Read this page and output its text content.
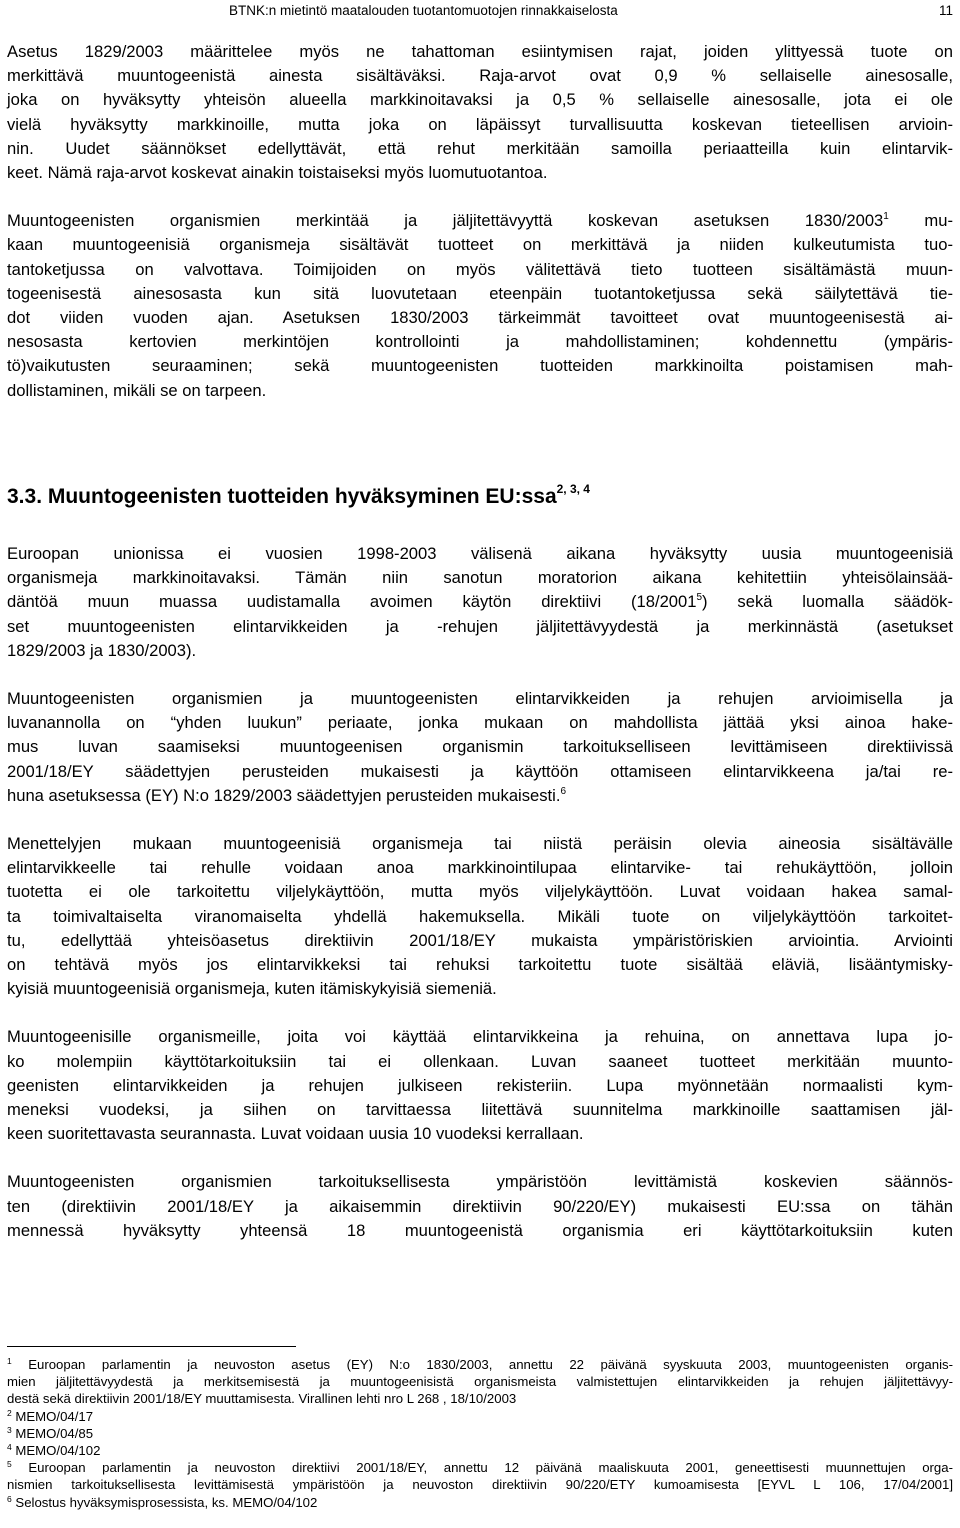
BTNK:n mietintö maatalouden tuotantomuotojen rinnakkaiselosta	11
Asetus 1829/2003 määrittelee myös ne tahattoman esiintymisen rajat, joiden ylittyessä tuote on
merkittävä muuntogeenistä ainesta sisältäväksi. Raja-arvot ovat 0,9 % sellaiselle ainesosalle,
joka on hyväksytty yhteisön alueella markkinoitavaksi ja 0,5 % sellaiselle ainesosalle, jota ei ole
vielä hyväksytty markkinoille, mutta joka on läpäissyt turvallisuutta koskevan tieteellisen arvioin-
nin. Uudet säännökset edellyttävät, että rehut merkitään samoilla periaatteilla kuin elintarvik-
keet. Nämä raja-arvot koskevat ainakin toistaiseksi myös luomutuotantoa.
Muuntogeenisten organismien merkintää ja jäljitettävyyttä koskevan asetuksen 1830/2003$^1$ mu-
kaan muuntogeenisiä organismeja sisältävät tuotteet on merkittävä ja niiden kulkeutumista tuo-
tantoketjussa on valvottava. Toimijoiden on myös välitettävä tieto tuotteen sisältämästä muun-
togeenisestä ainesosasta kun sitä luovutetaan eteenpäin tuotantoketjussa sekä säilytettävä tie-
dot viiden vuoden ajan. Asetuksen 1830/2003 tärkeimmät tavoitteet ovat muuntogeenisestä ai-
nesosasta kertovien merkintöjen kontrollointi ja mahdollistaminen; kohdennettu (ympäris-
tö)vaikutusten seuraaminen; sekä muuntogeenisten tuotteiden markkinoilta poistamisen mah-
dollistaminen, mikäli se on tarpeen.
3.3. Muuntogeenisten tuotteiden hyväksyminen EU:ssa$^{2, 3, 4}$
Euroopan unionissa ei vuosien 1998-2003 välisenä aikana hyväksytty uusia muuntogeenisiä
organismeja markkinoitavaksi. Tämän niin sanotun moratorion aikana kehitettiin yhteisölainsää-
däntöä muun muassa uudistamalla avoimen käytön direktiivi (18/2001$^5$) sekä luomalla säädök-
set muuntogeenisten elintarvikkeiden ja -rehujen jäljitettävyydestä ja merkinnästä (asetukset
1829/2003 ja 1830/2003).
Muuntogeenisten organismien ja muuntogeenisten elintarvikkeiden ja rehujen arvioimisella ja
luvanannolla on “yhden luukun” periaate, jonka mukaan on mahdollista jättää yksi ainoa hake-
mus luvan saamiseksi muuntogeenisen organismin tarkoitukselliseen levittämiseen direktiivissä
2001/18/EY säädettyjen perusteiden mukaisesti ja käyttöön ottamiseen elintarvikkeena ja/tai re-
huna asetuksessa (EY) N:o 1829/2003 säädettyjen perusteiden mukaisesti.$^6$
Menettelyjen mukaan muuntogeenisiä organismeja tai niistä peräisin olevia aineosia sisältävälle
elintarvikkeelle tai rehulle voidaan anoa markkinointilupaa elintarvike- tai rehukäyttöön, jolloin
tuotetta ei ole tarkoitettu viljelykäyttöön, mutta myös viljelykäyttöön. Luvat voidaan hakea samal-
ta toimivaltaiselta viranomaiselta yhdellä hakemuksella. Mikäli tuote on viljelykäyttöön tarkoitet-
tu, edellyttää yhteisöasetus direktiivin 2001/18/EY mukaista ympäristöriskien arviointia. Arviointi
on tehtävä myös jos elintarvikkeksi tai rehuksi tarkoitettu tuote sisältää eläviä, lisääntymisky-
kyisiä muuntogeenisiä organismeja, kuten itämiskykyisiä siemeniä.
Muuntogeenisille organismeille, joita voi käyttää elintarvikkeina ja rehuina, on annettava lupa jo-
ko molempiin käyttötarkoituksiin tai ei ollenkaan. Luvan saaneet tuotteet merkitään muunto-
geenisten elintarvikkeiden ja rehujen julkiseen rekisteriin. Lupa myönnetään normaalisti kym-
meneksi vuodeksi, ja siihen on tarvittaessa liitettävä suunnitelma markkinoille saattamisen jäl-
keen suoritettavasta seurannasta. Luvat voidaan uusia 10 vuodeksi kerrallaan.
Muuntogeenisten organismien tarkoituksellisesta ympäristöön levittämistä koskevien säännös-
ten (direktiivin 2001/18/EY ja aikaisemmin direktiivin 90/220/EY) mukaisesti EU:ssa on tähän
mennessä hyväksytty yhteensä 18 muuntogeenistä organismia eri käyttötarkoituksiin kuten
$^1$ Euroopan parlamentin ja neuvoston asetus (EY) N:o 1830/2003, annettu 22 päivänä syyskuuta 2003, muuntogeenisten organis-
mien jäljitettävyydestä ja merkitsemisestä ja muuntogeenisistä organismeista valmistettujen elintarvikkeiden ja rehujen jäljitettävyy-
destä sekä direktiivin 2001/18/EY muuttamisesta. Virallinen lehti nro L 268 , 18/10/2003
$^2$ MEMO/04/17
$^3$ MEMO/04/85
$^4$ MEMO/04/102
$^5$ Euroopan parlamentin ja neuvoston direktiivi 2001/18/EY, annettu 12 päivänä maaliskuuta 2001, geneettisesti muunnettujen orga-
nismien tarkoituksellisesta levittämisestä ympäristöön ja neuvoston direktiivin 90/220/ETY kumoamisesta [EYVL L 106, 17/04/2001]
$^6$ Selostus hyväksymisprosessista, ks. MEMO/04/102
